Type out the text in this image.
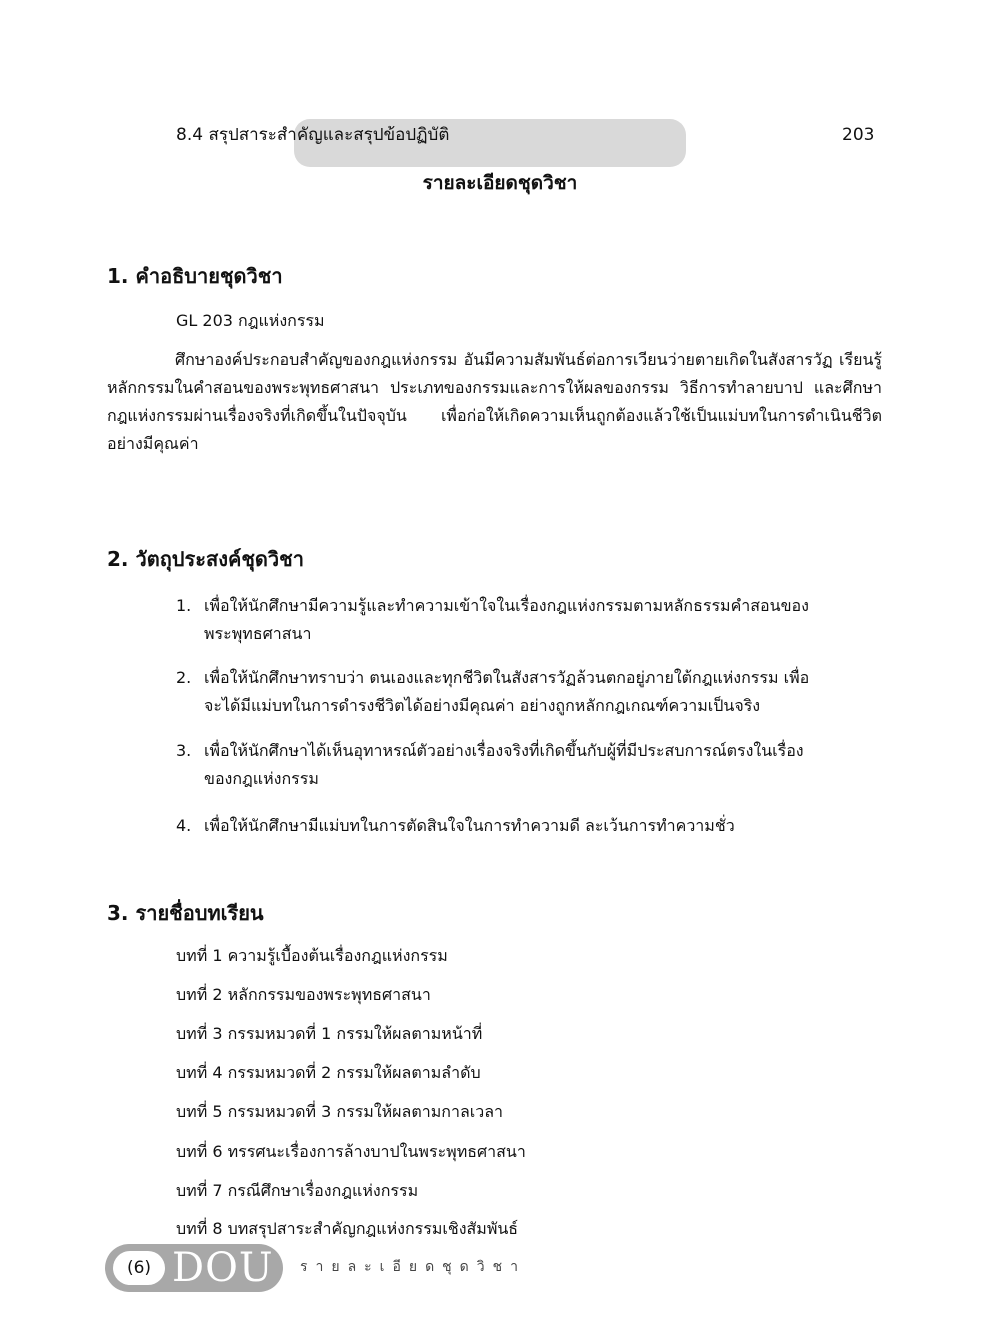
8.4 สรุปสาระสำคัญและสรุปข้อปฏิบัติ	203
รายละเอียดชุดวิชา
1. คำอธิบายชุดวิชา
GL 203 กฎแห่งกรรม
ศึกษาองค์ประกอบสำคัญของกฎแห่งกรรม อันมีความสัมพันธ์ต่อการเวียนว่ายตายเกิดในสังสารวัฏ เรียนรู้หลักกรรมในคำสอนของพระพุทธศาสนา ประเภทของกรรมและการให้ผลของกรรม วิธีการทำลายบาป และศึกษากฎแห่งกรรมผ่านเรื่องจริงที่เกิดขึ้นในปัจจุบัน เพื่อก่อให้เกิดความเห็นถูกต้องแล้วใช้เป็นแม่บทในการดำเนินชีวิตอย่างมีคุณค่า
2. วัตถุประสงค์ชุดวิชา
1. เพื่อให้นักศึกษามีความรู้และทำความเข้าใจในเรื่องกฎแห่งกรรมตามหลักธรรมคำสอนของ
พระพุทธศาสนา
2. เพื่อให้นักศึกษาทราบว่า ตนเองและทุกชีวิตในสังสารวัฏล้วนตกอยู่ภายใต้กฎแห่งกรรม เพื่อ
จะได้มีแม่บทในการดำรงชีวิตได้อย่างมีคุณค่า อย่างถูกหลักกฎเกณฑ์ความเป็นจริง
3. เพื่อให้นักศึกษาได้เห็นอุทาหรณ์ตัวอย่างเรื่องจริงที่เกิดขึ้นกับผู้ที่มีประสบการณ์ตรงในเรื่อง
ของกฎแห่งกรรม
4. เพื่อให้นักศึกษามีแม่บทในการตัดสินใจในการทำความดี ละเว้นการทำความชั่ว
3. รายชื่อบทเรียน
บทที่ 1 ความรู้เบื้องต้นเรื่องกฎแห่งกรรม
บทที่ 2 หลักกรรมของพระพุทธศาสนา
บทที่ 3 กรรมหมวดที่ 1 กรรมให้ผลตามหน้าที่
บทที่ 4 กรรมหมวดที่ 2 กรรมให้ผลตามลำดับ
บทที่ 5 กรรมหมวดที่ 3 กรรมให้ผลตามกาลเวลา
บทที่ 6 ทรรศนะเรื่องการล้างบาปในพระพุทธศาสนา
บทที่ 7 กรณีศึกษาเรื่องกฎแห่งกรรม
บทที่ 8 บทสรุปสาระสำคัญกฎแห่งกรรมเชิงสัมพันธ์
(6) DOU รายละเอียดชุดวิชา
